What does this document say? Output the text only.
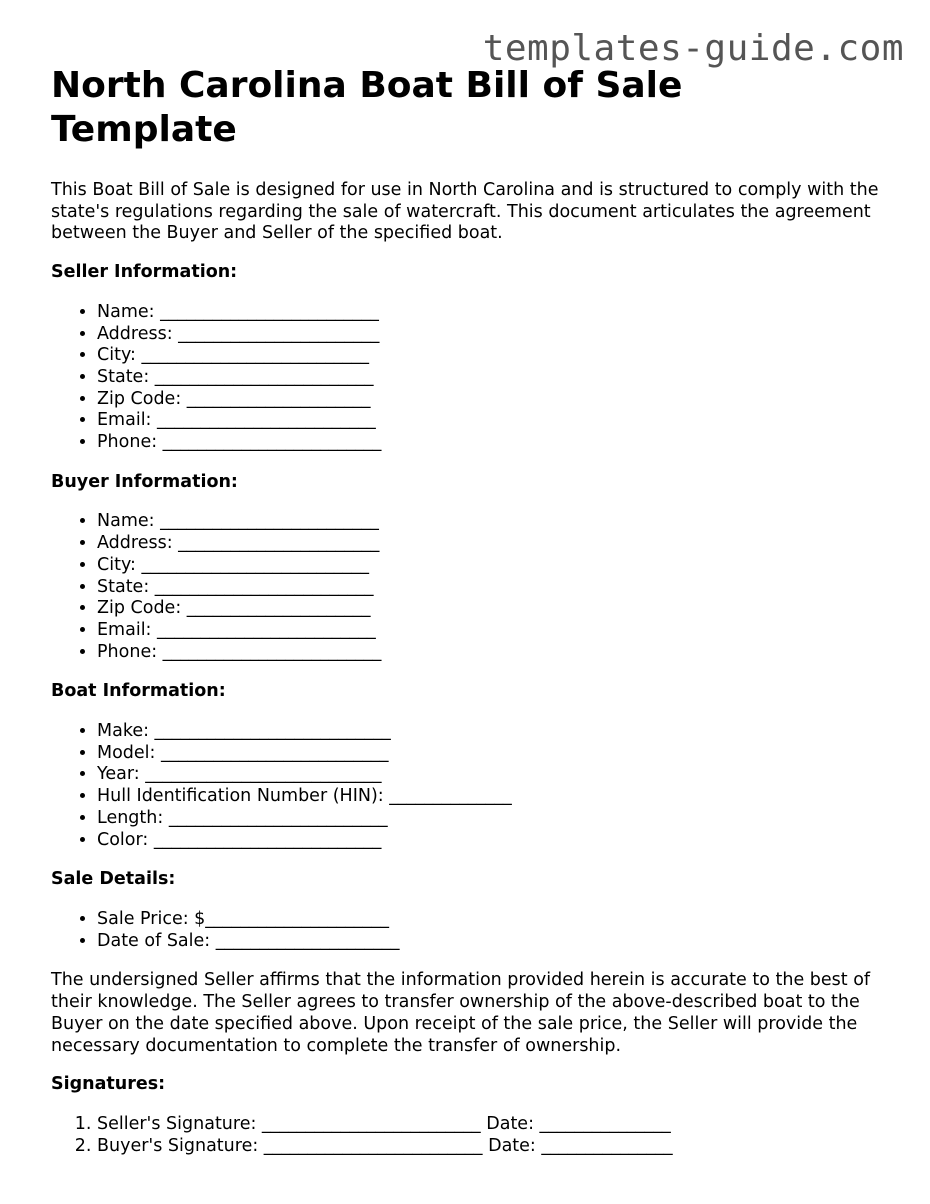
templates-guide.com
North Carolina Boat Bill of Sale Template

This Boat Bill of Sale is designed for use in North Carolina and is structured to comply with the state's regulations regarding the sale of watercraft. This document articulates the agreement between the Buyer and Seller of the specified boat.

Seller Information:
• Name: _________________________
• Address: _______________________
• City: __________________________
• State: _________________________
• Zip Code: _____________________
• Email: _________________________
• Phone: _________________________
Buyer Information:
• Name: _________________________
• Address: _______________________
• City: __________________________
• State: _________________________
• Zip Code: _____________________
• Email: _________________________
• Phone: _________________________
Boat Information:
• Make: ___________________________
• Model: __________________________
• Year: ___________________________
• Hull Identification Number (HIN): ______________
• Length: _________________________
• Color: __________________________
Sale Details:
• Sale Price: $_____________________
• Date of Sale: _____________________

The undersigned Seller affirms that the information provided herein is accurate to the best of their knowledge. The Seller agrees to transfer ownership of the above-described boat to the Buyer on the date specified above. Upon receipt of the sale price, the Seller will provide the necessary documentation to complete the transfer of ownership.

Signatures:
1. Seller's Signature: _________________________ Date: _______________
2. Buyer's Signature: _________________________ Date: _______________
